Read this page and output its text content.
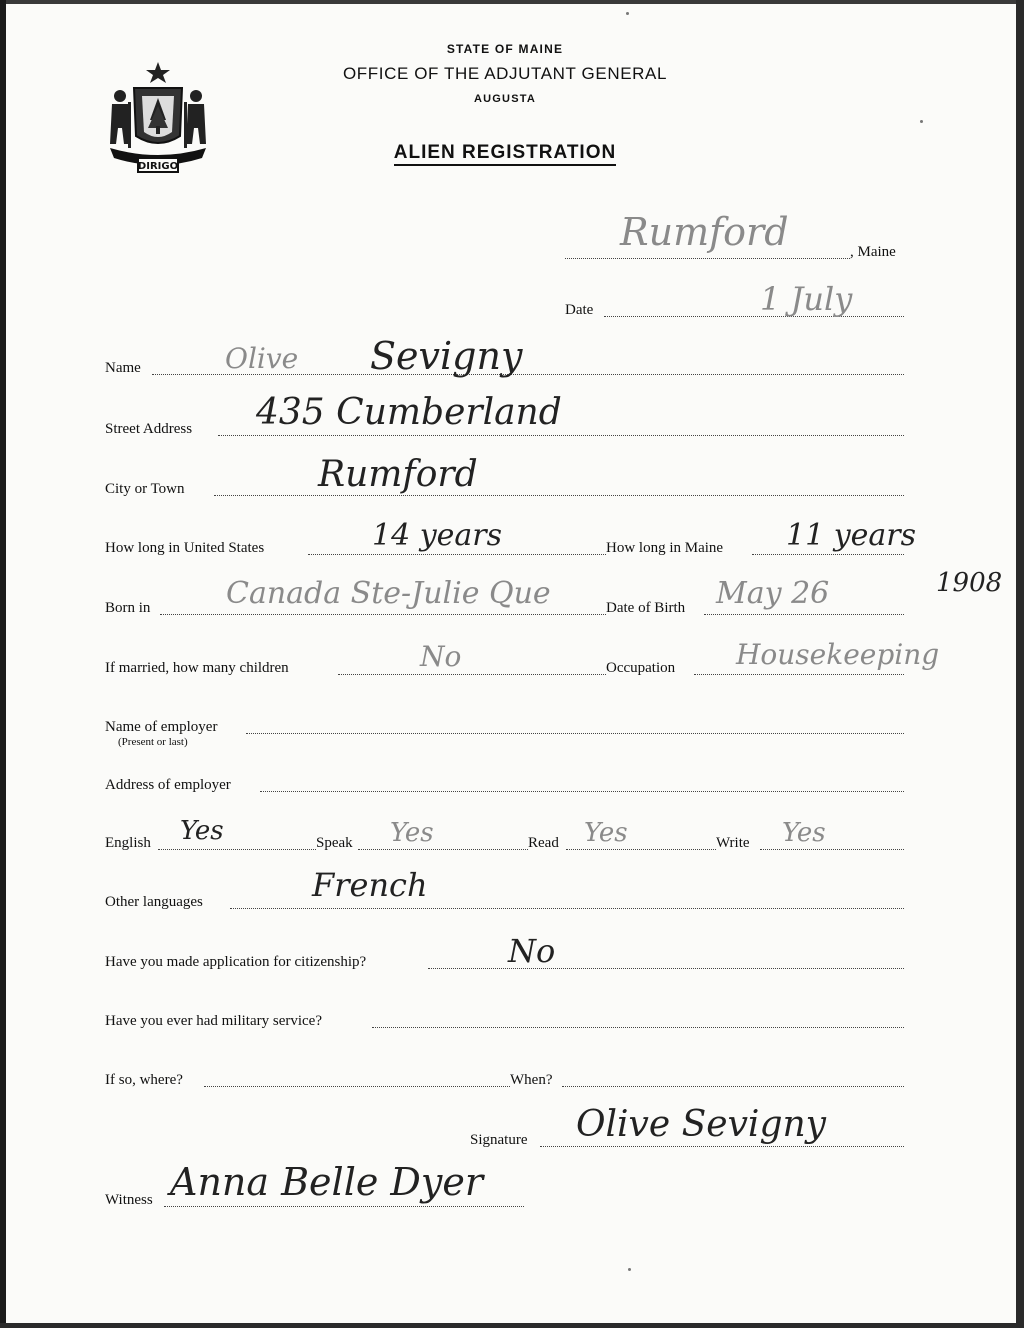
DIRIGO
STATE OF MAINE
OFFICE OF THE ADJUTANT GENERAL
AUGUSTA
ALIEN REGISTRATION
Rumford	, Maine
Date	1 July
Name	Olive Sevigny
Street Address 435 Cumberland
City or Town	Rumford
How long in United States	14 years	How long in Maine 11 years
Born in	Canada Ste-Julie Que	Date of Birth May 26	1908
If married, how many children	No	Occupation Housekeeping
Name of employer
(Present or last)
Address of employer
English Yes	Speak Yes	Read Yes	Write Yes
Other languages	French
Have you made application for citizenship?	No
Have you ever had military service?
If so, where?	When?
Signature Olive Sevigny
Witness Anna Belle Dyer
